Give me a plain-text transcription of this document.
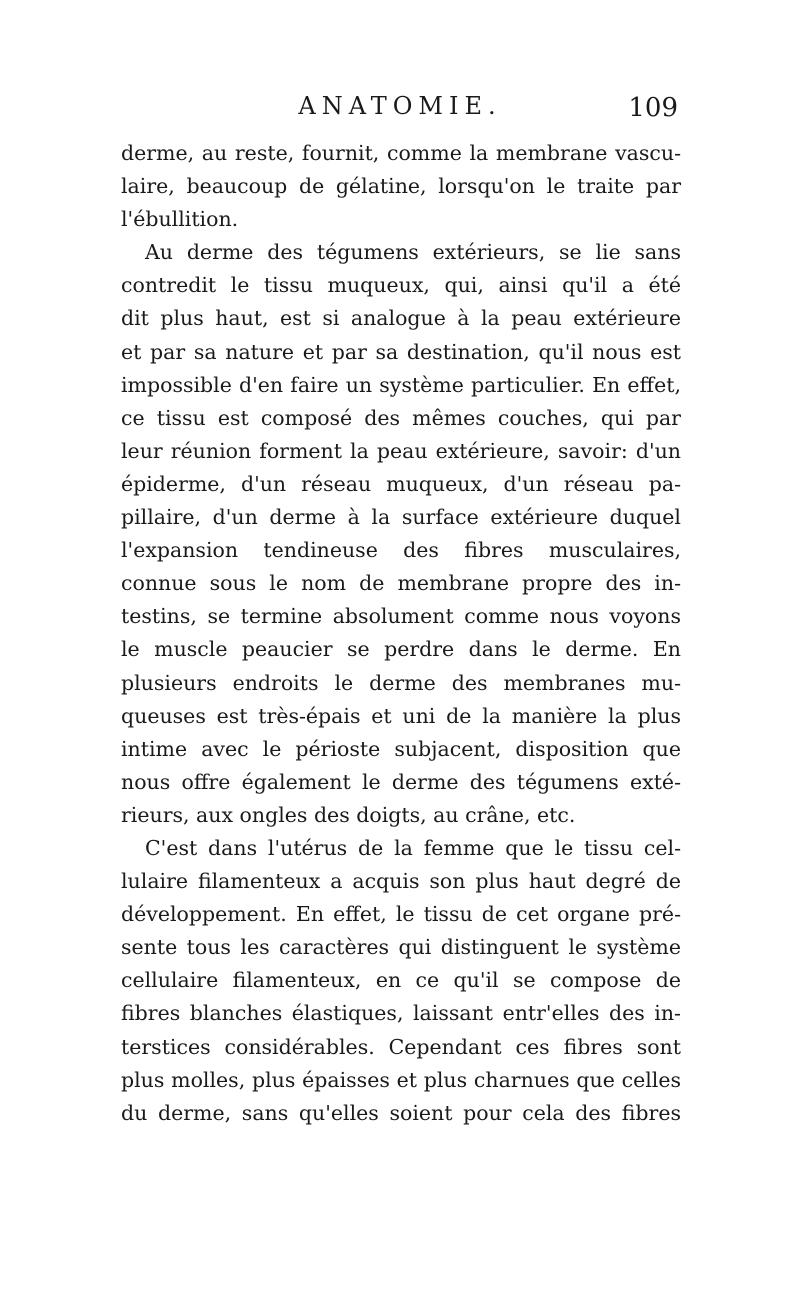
ANATOMIE.	109
derme, au reste, fournit, comme la membrane vascu-
laire, beaucoup de gélatine, lorsqu'on le traite par
l'ébullition.
Au derme des tégumens extérieurs, se lie sans
contredit le tissu muqueux, qui, ainsi qu'il a été
dit plus haut, est si analogue à la peau extérieure
et par sa nature et par sa destination, qu'il nous est
impossible d'en faire un système particulier. En effet,
ce tissu est composé des mêmes couches, qui par
leur réunion forment la peau extérieure, savoir: d'un
épiderme, d'un réseau muqueux, d'un réseau pa-
pillaire, d'un derme à la surface extérieure duquel
l'expansion tendineuse des fibres musculaires,
connue sous le nom de membrane propre des in-
testins, se termine absolument comme nous voyons
le muscle peaucier se perdre dans le derme. En
plusieurs endroits le derme des membranes mu-
queuses est très-épais et uni de la manière la plus
intime avec le périoste subjacent, disposition que
nous offre également le derme des tégumens exté-
rieurs, aux ongles des doigts, au crâne, etc.
C'est dans l'utérus de la femme que le tissu cel-
lulaire filamenteux a acquis son plus haut degré de
développement. En effet, le tissu de cet organe pré-
sente tous les caractères qui distinguent le système
cellulaire filamenteux, en ce qu'il se compose de
fibres blanches élastiques, laissant entr'elles des in-
terstices considérables. Cependant ces fibres sont
plus molles, plus épaisses et plus charnues que celles
du derme, sans qu'elles soient pour cela des fibres
